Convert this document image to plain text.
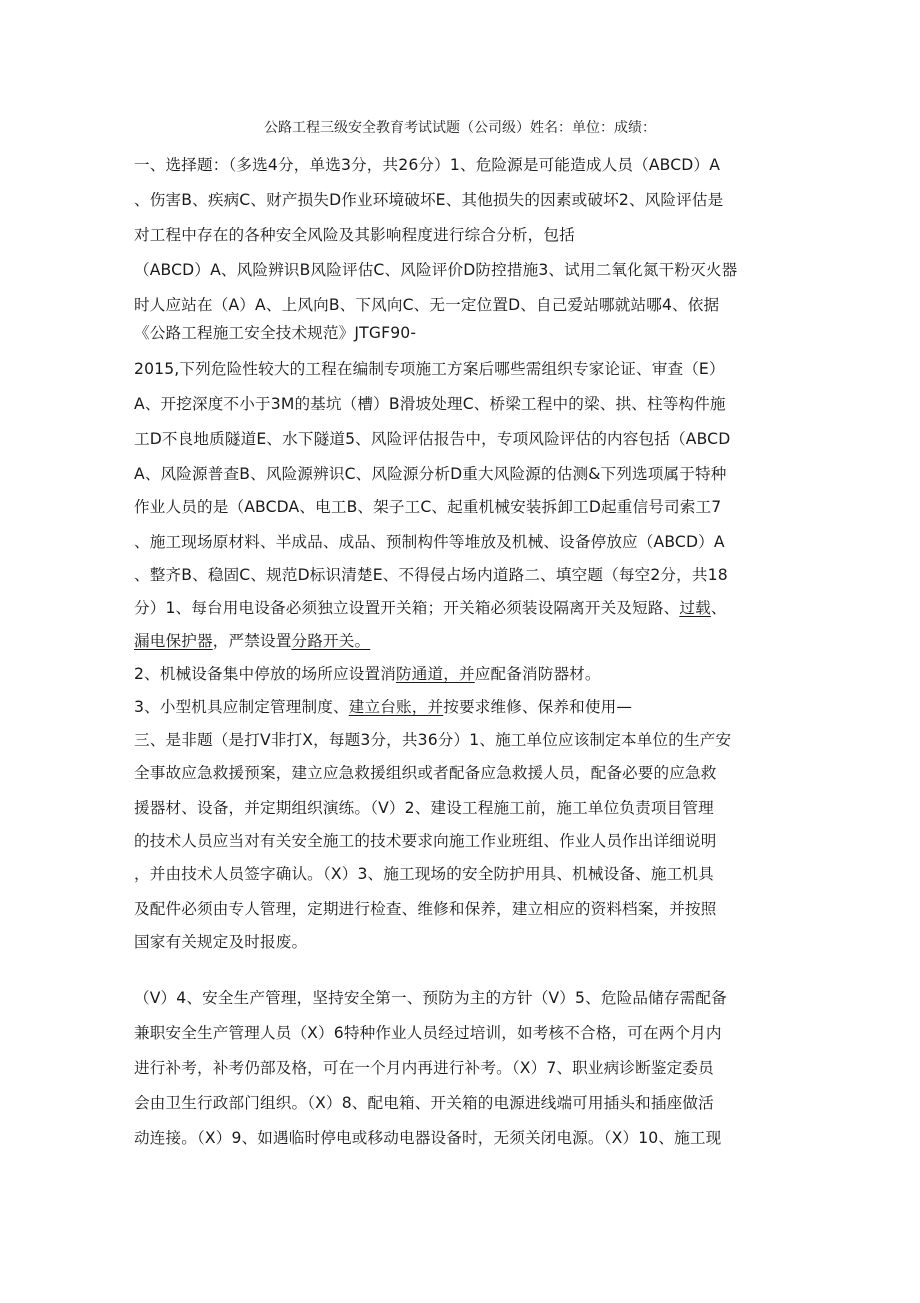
公路工程三级安全教育考试试题（公司级）姓名：单位：成绩：
一、选择题：（多选4分，单选3分，共26分）1、危险源是可能造成人员（ABCD）A
、伤害B、疾病C、财产损失D作业环境破坏E、其他损失的因素或破坏2、风险评估是
对工程中存在的各种安全风险及其影响程度进行综合分析，包括
（ABCD）A、风险辨识B风险评估C、风险评价D防控措施3、试用二氧化氮干粉灭火器
时人应站在（A）A、上风向B、下风向C、无一定位置D、自己爱站哪就站哪4、依据
《公路工程施工安全技术规范》JTGF90-
2015,下列危险性较大的工程在编制专项施工方案后哪些需组织专家论证、审查（E）
A、开挖深度不小于3M的基坑（槽）B滑坡处理C、桥梁工程中的梁、拱、柱等构件施
工D不良地质隧道E、水下隧道5、风险评估报告中，专项风险评估的内容包括（ABCD
A、风险源普查B、风险源辨识C、风险源分析D重大风险源的估测&下列选项属于特种
作业人员的是（ABCDA、电工B、架子工C、起重机械安装拆卸工D起重信号司索工7
、施工现场原材料、半成品、成品、预制构件等堆放及机械、设备停放应（ABCD）A
、整齐B、稳固C、规范D标识清楚E、不得侵占场内道路二、填空题（每空2分，共18
分）1、每台用电设备必须独立设置开关箱；开关箱必须装设隔离开关及短路、过载、
漏电保护器，严禁设置分路开关。
2、机械设备集中停放的场所应设置消防通道，并应配备消防器材。
3、小型机具应制定管理制度、建立台账，并按要求维修、保养和使用—
三、是非题（是打V非打X，每题3分，共36分）1、施工单位应该制定本单位的生产安
全事故应急救援预案，建立应急救援组织或者配备应急救援人员，配备必要的应急救
援器材、设备，并定期组织演练。（V）2、建设工程施工前，施工单位负责项目管理
的技术人员应当对有关安全施工的技术要求向施工作业班组、作业人员作出详细说明
，并由技术人员签字确认。（X）3、施工现场的安全防护用具、机械设备、施工机具
及配件必须由专人管理，定期进行检查、维修和保养，建立相应的资料档案，并按照
国家有关规定及时报废。
（V）4、安全生产管理，坚持安全第一、预防为主的方针（V）5、危险品储存需配备
兼职安全生产管理人员（X）6特种作业人员经过培训，如考核不合格，可在两个月内
进行补考，补考仍部及格，可在一个月内再进行补考。（X）7、职业病诊断鉴定委员
会由卫生行政部门组织。（X）8、配电箱、开关箱的电源进线端可用插头和插座做活
动连接。（X）9、如遇临时停电或移动电器设备时，无须关闭电源。（X）10、施工现
